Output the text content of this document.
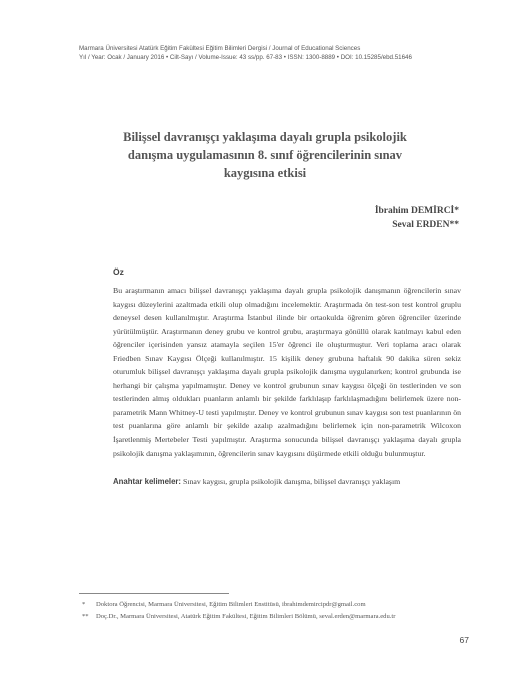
Marmara Üniversitesi Atatürk Eğitim Fakültesi Eğitim Bilimleri Dergisi / Journal of Educational Sciences
Yıl / Year: Ocak / January 2016 • Cilt-Sayı / Volume-Issue: 43 ss/pp. 67-83 • ISSN: 1300-8889 • DOI: 10.15285/ebd.51646
Bilişsel davranışçı yaklaşıma dayalı grupla psikolojik
danışma uygulamasının 8. sınıf öğrencilerinin sınav
kaygısına etkisi
İbrahim DEMİRCİ*
Seval ERDEN**
Öz

Bu araştırmanın amacı bilişsel davranışçı yaklaşıma dayalı grupla psikolojik danışmanın öğrencilerin sınav kaygısı düzeylerini azaltmada etkili olup olmadığını incelemektir. Araştırmada ön test-son test kontrol gruplu deneysel desen kullanılmıştır. Araştırma İstanbul ilinde bir ortaokulda öğrenim gören öğrenciler üzerinde yürütülmüştür. Araştırmanın deney grubu ve kontrol grubu, araştırmaya gönüllü olarak katılmayı kabul eden öğrenciler içerisinden yansız atamayla seçilen 15'er öğrenci ile oluşturmuştur. Veri toplama aracı olarak Friedben Sınav Kaygısı Ölçeği kullanılmıştır. 15 kişilik deney grubuna haftalık 90 dakika süren sekiz oturumluk bilişsel davranışçı yaklaşıma dayalı grupla psikolojik danışma uygulanırken; kontrol grubunda ise herhangi bir çalışma yapılmamıştır. Deney ve kontrol grubunun sınav kaygısı ölçeği ön testlerinden ve son testlerinden almış oldukları puanların anlamlı bir şekilde farklılaşıp farklılaşmadığını belirlemek üzere non-parametrik Mann Whitney-U testi yapılmıştır. Deney ve kontrol grubunun sınav kaygısı son test puanlarının ön test puanlarına göre anlamlı bir şekilde azalıp azalmadığını belirlemek için non-parametrik Wilcoxon İşaretlenmiş Mertebeler Testi yapılmıştır. Araştırma sonucunda bilişsel davranışçı yaklaşıma dayalı grupla psikolojik danışma yaklaşımının, öğrencilerin sınav kaygısını düşürmede etkili olduğu bulunmuştur.

Anahtar kelimeler: Sınav kaygısı, grupla psikolojik danışma, bilişsel davranışçı yaklaşım
* Doktora Öğrencisi, Marmara Üniversitesi, Eğitim Bilimleri Enstitüsü, ibrahimdemircipdr@gmail.com
** Doç.Dr., Marmara Üniversitesi, Atatürk Eğitim Fakültesi, Eğitim Bilimleri Bölümü, seval.erden@marmara.edu.tr
67
